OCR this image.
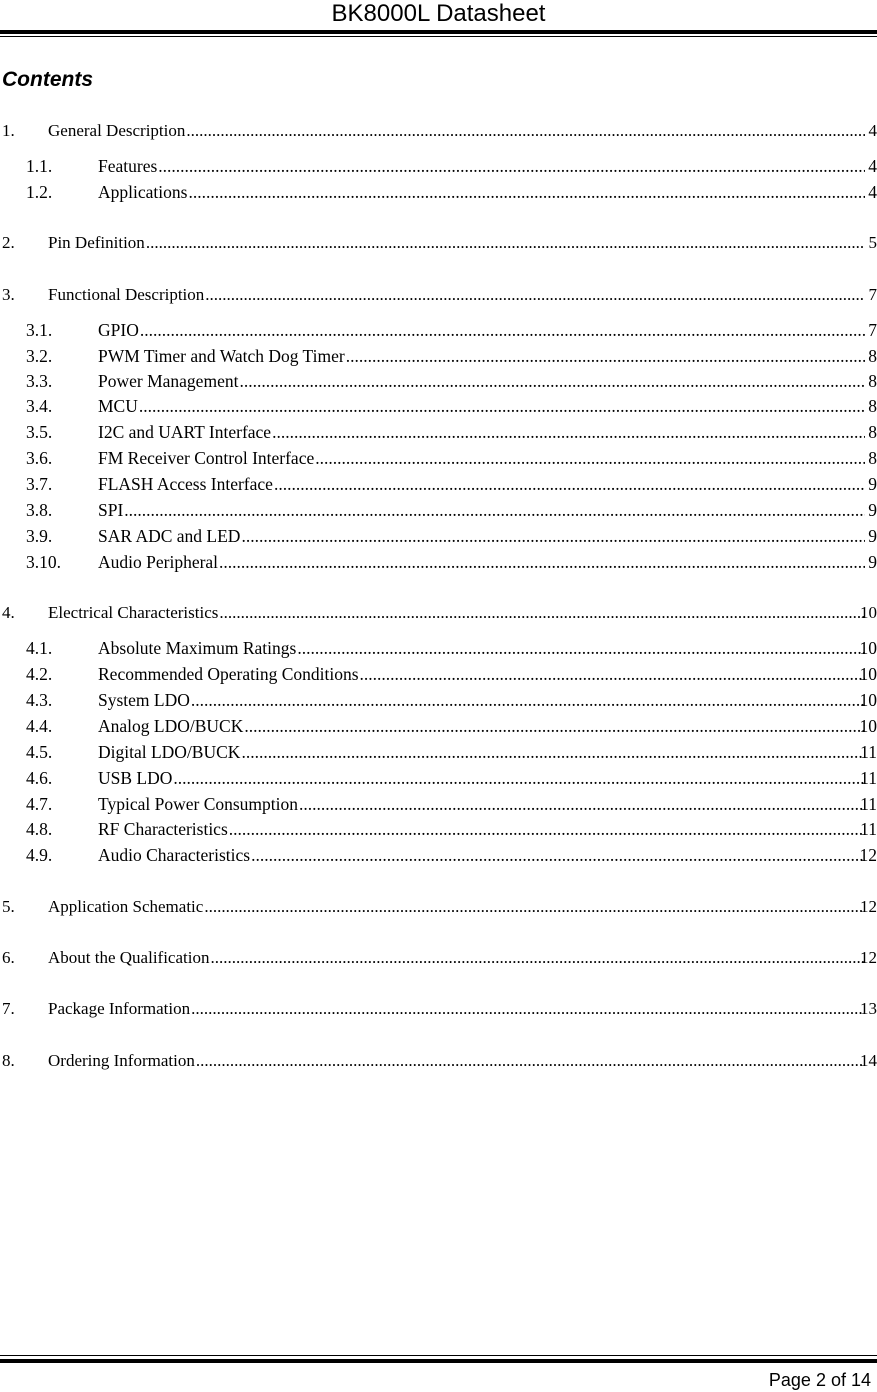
BK8000L Datasheet
Contents
1. General Description .....	4
1.1.	Features .....	4
1.2.	Applications .....	4
2. Pin Definition .....	5
3. Functional Description .....	7
3.1.	GPIO .....	7
3.2.	PWM Timer and Watch Dog Timer .....	8
3.3.	Power Management .....	8
3.4.	MCU .....	8
3.5.	I2C and UART Interface .....	8
3.6.	FM Receiver Control Interface .....	8
3.7.	FLASH Access Interface .....	9
3.8.	SPI .....	9
3.9.	SAR ADC and LED .....	9
3.10. Audio Peripheral .....	9
4. Electrical Characteristics .....	10
4.1.	Absolute Maximum Ratings .....	10
4.2.	Recommended Operating Conditions .....	10
4.3.	System LDO .....	10
4.4.	Analog LDO/BUCK .....	10
4.5.	Digital LDO/BUCK .....	11
4.6.	USB LDO .....	11
4.7.	Typical Power Consumption .....	11
4.8.	RF Characteristics .....	11
4.9.	Audio Characteristics .....	12
5. Application Schematic .....	12
6. About the Qualification .....	12
7. Package Information .....	13
8. Ordering Information .....	14
Page 2 of 14
